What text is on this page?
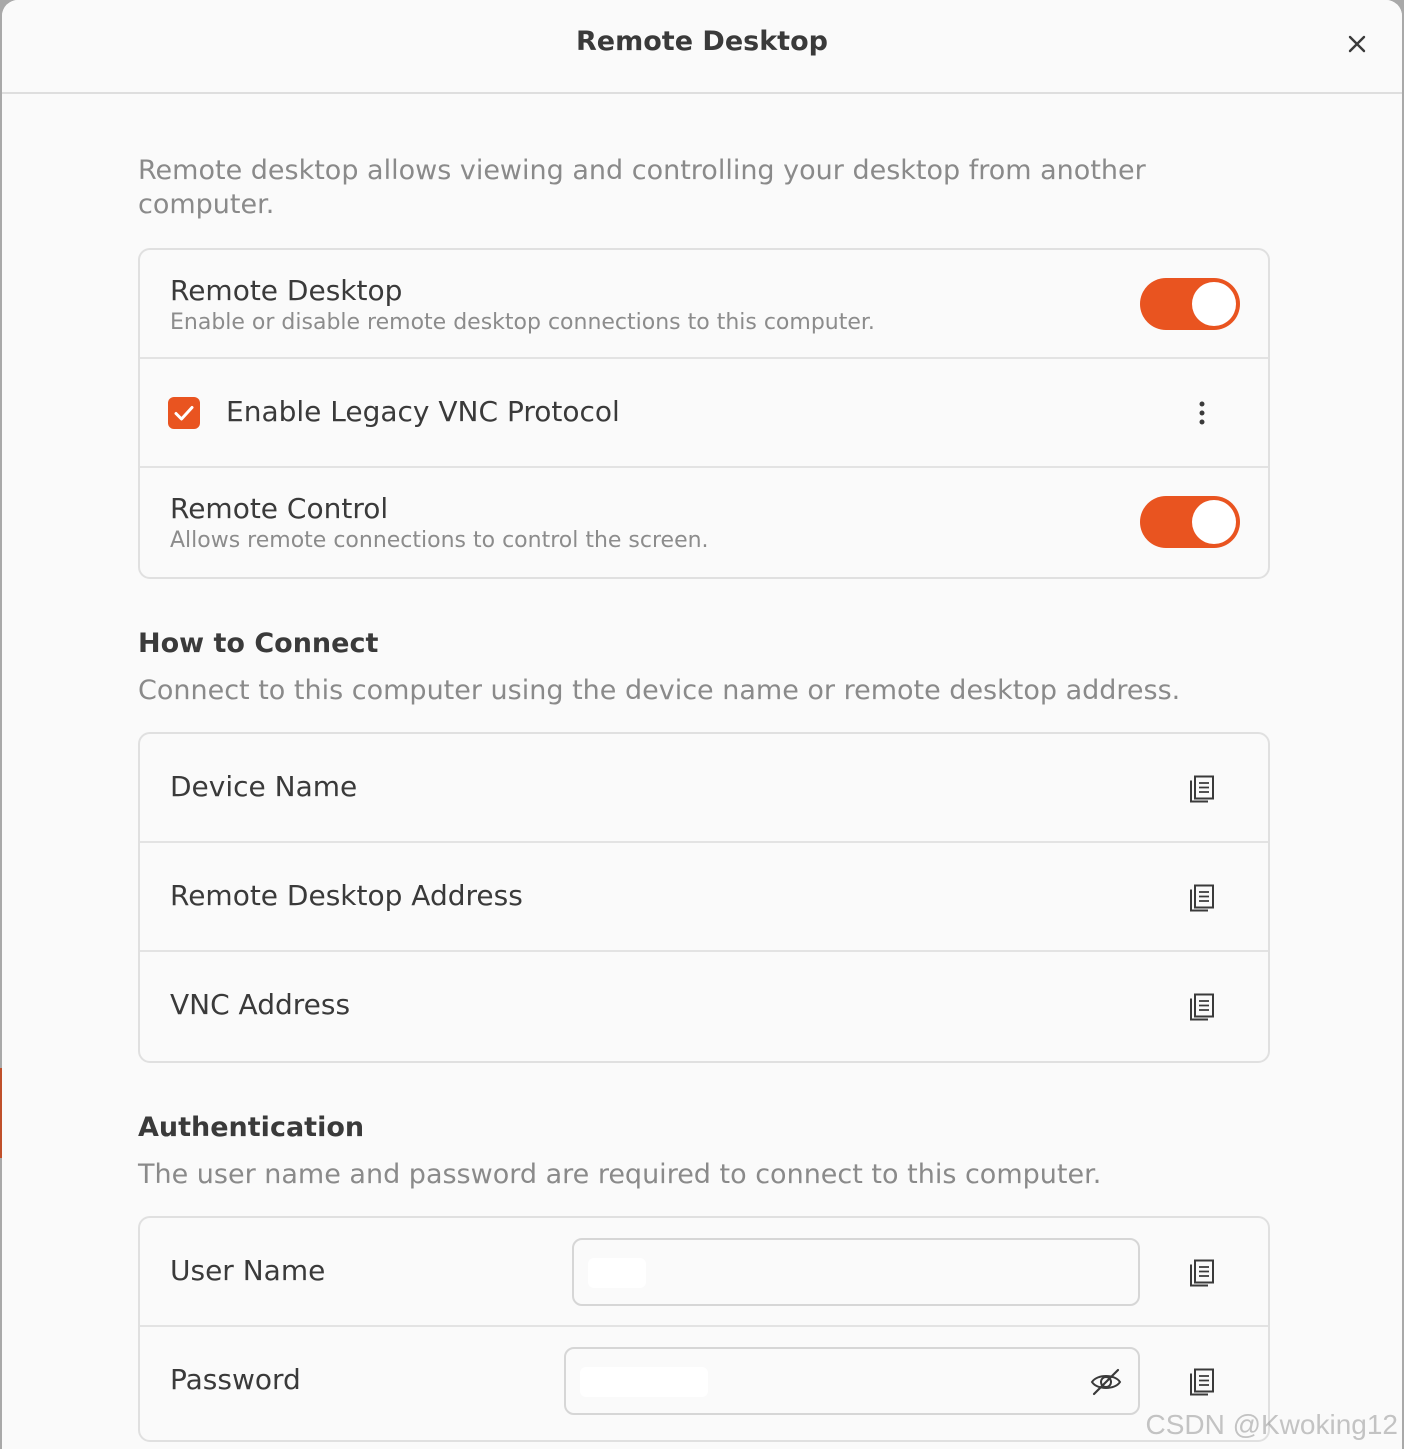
Remote Desktop

Remote desktop allows viewing and controlling your desktop from another computer.

Remote Desktop
Enable or disable remote desktop connections to this computer.
Enable Legacy VNC Protocol
Remote Control
Allows remote connections to control the screen.

How to Connect

Connect to this computer using the device name or remote desktop address.

Device Name
Remote Desktop Address
VNC Address

Authentication

The user name and password are required to connect to this computer.

User Name
Password
CSDN @Kwoking12
